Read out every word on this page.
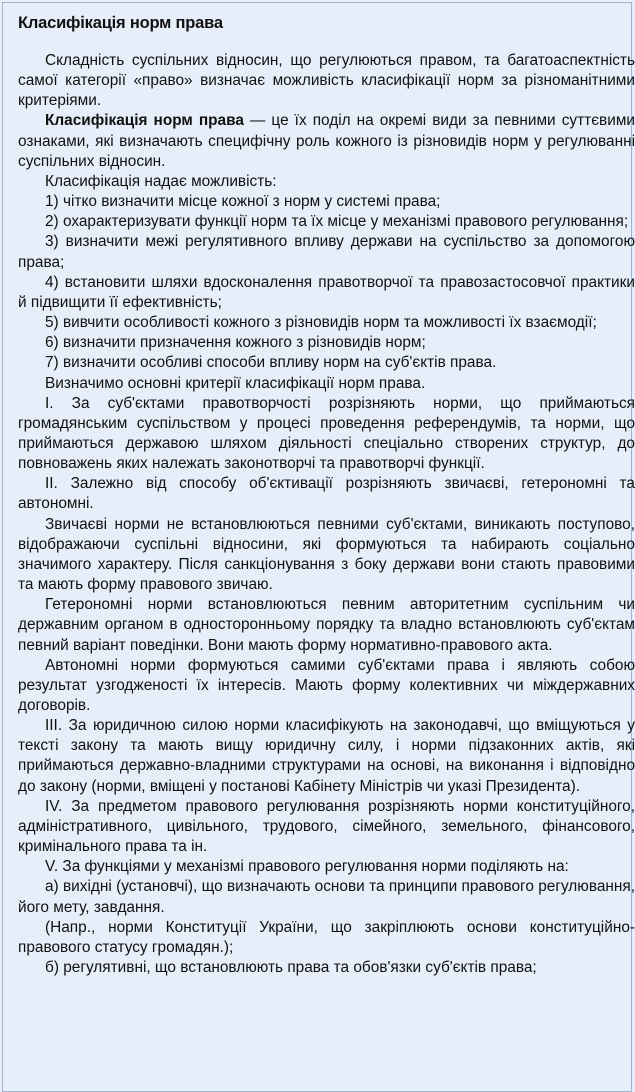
Класифікація норм права

Складність суспільних відносин, що регулюються правом, та багатоаспектність самої категорії «право» визначає можливість класифікації норм за різноманітними критеріями.

Класифікація норм права — це їх поділ на окремі види за певними суттєвими ознаками, які визначають специфічну роль кожного із різновидів норм у регулюванні суспільних відносин.

Класифікація надає можливість:

1) чітко визначити місце кожної з норм у системі права;

2) охарактеризувати функції норм та їх місце у механізмі правового регулювання;

3) визначити межі регулятивного впливу держави на суспільство за допомогою права;

4) встановити шляхи вдосконалення правотворчої та правозастосовчої практики й підвищити її ефективність;

5) вивчити особливості кожного з різновидів норм та можливості їх взаємодії;

6) визначити призначення кожного з різновидів норм;

7) визначити особливі способи впливу норм на суб'єктів права.

Визначимо основні критерії класифікації норм права.

I. За суб'єктами правотворчості розрізняють норми, що приймаються громадянським суспільством у процесі проведення референдумів, та норми, що приймаються державою шляхом діяльності спеціально створених структур, до повноважень яких належать законотворчі та правотворчі функції.

II. Залежно від способу об'єктивації розрізняють звичаєві, гетерономні та автономні.

Звичаєві норми не встановлюються певними суб'єктами, виникають поступово, відображаючи суспільні відносини, які формуються та набирають соціально значимого характеру. Після санкціонування з боку держави вони стають правовими та мають форму правового звичаю.

Гетерономні норми встановлюються певним авторитетним суспільним чи державним органом в односторонньому порядку та владно встановлюють суб'єктам певний варіант поведінки. Вони мають форму нормативно-правового акта.

Автономні норми формуються самими суб'єктами права і являють собою результат узгодженості їх інтересів. Мають форму колективних чи міждержавних договорів.

III. За юридичною силою норми класифікують на законодавчі, що вміщуються у тексті закону та мають вищу юридичну силу, і норми підзаконних актів, які приймаються державно-владними структурами на основі, на виконання і відповідно до закону (норми, вміщені у постанові Кабінету Міністрів чи указі Президента).

IV. За предметом правового регулювання розрізняють норми конституційного, адміністративного, цивільного, трудового, сімейного, земельного, фінансового, кримінального права та ін.

V. За функціями у механізмі правового регулювання норми поділяють на:

а) вихідні (установчі), що визначають основи та принципи правового регулювання, його мету, завдання.

(Напр., норми Конституції України, що закріплюють основи конституційно-правового статусу громадян.);

б) регулятивні, що встановлюють права та обов'язки суб'єктів права;
